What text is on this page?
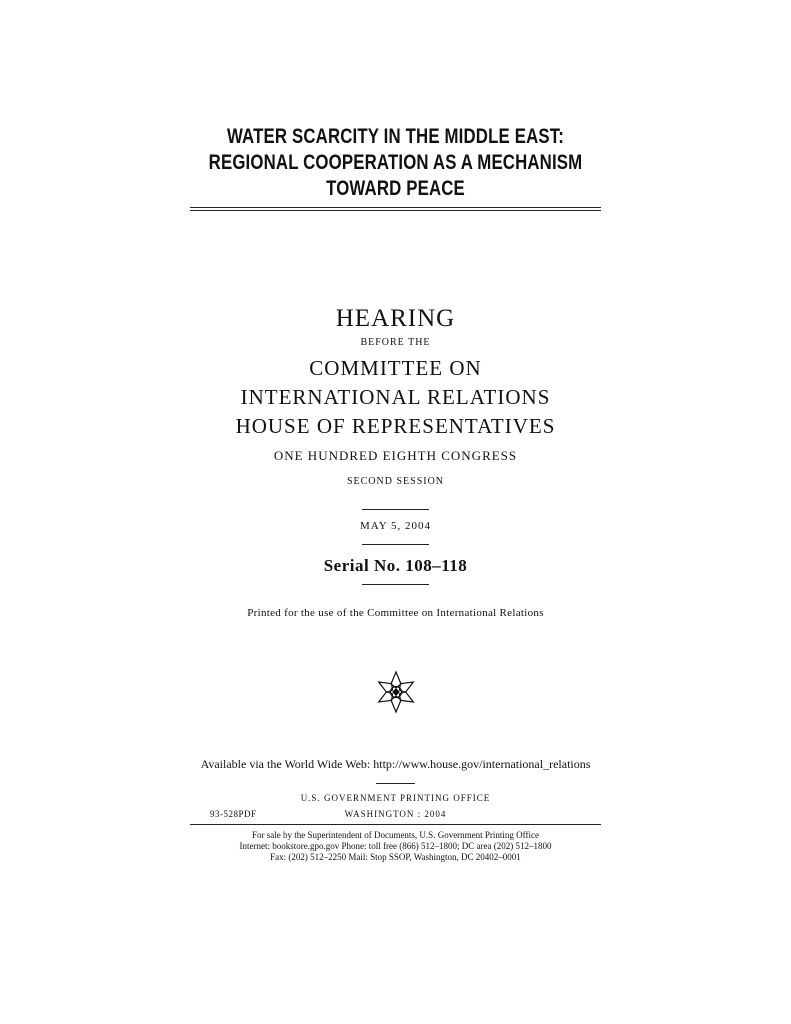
WATER SCARCITY IN THE MIDDLE EAST:
REGIONAL COOPERATION AS A MECHANISM
TOWARD PEACE
HEARING
BEFORE THE
COMMITTEE ON
INTERNATIONAL RELATIONS
HOUSE OF REPRESENTATIVES
ONE HUNDRED EIGHTH CONGRESS
SECOND SESSION
MAY 5, 2004
Serial No. 108–118
Printed for the use of the Committee on International Relations
Available via the World Wide Web: http://www.house.gov/international_relations
U.S. GOVERNMENT PRINTING OFFICE
93-528PDF	WASHINGTON : 2004
For sale by the Superintendent of Documents, U.S. Government Printing Office
Internet: bookstore.gpo.gov Phone: toll free (866) 512–1800; DC area (202) 512–1800
Fax: (202) 512–2250 Mail: Stop SSOP, Washington, DC 20402–0001
